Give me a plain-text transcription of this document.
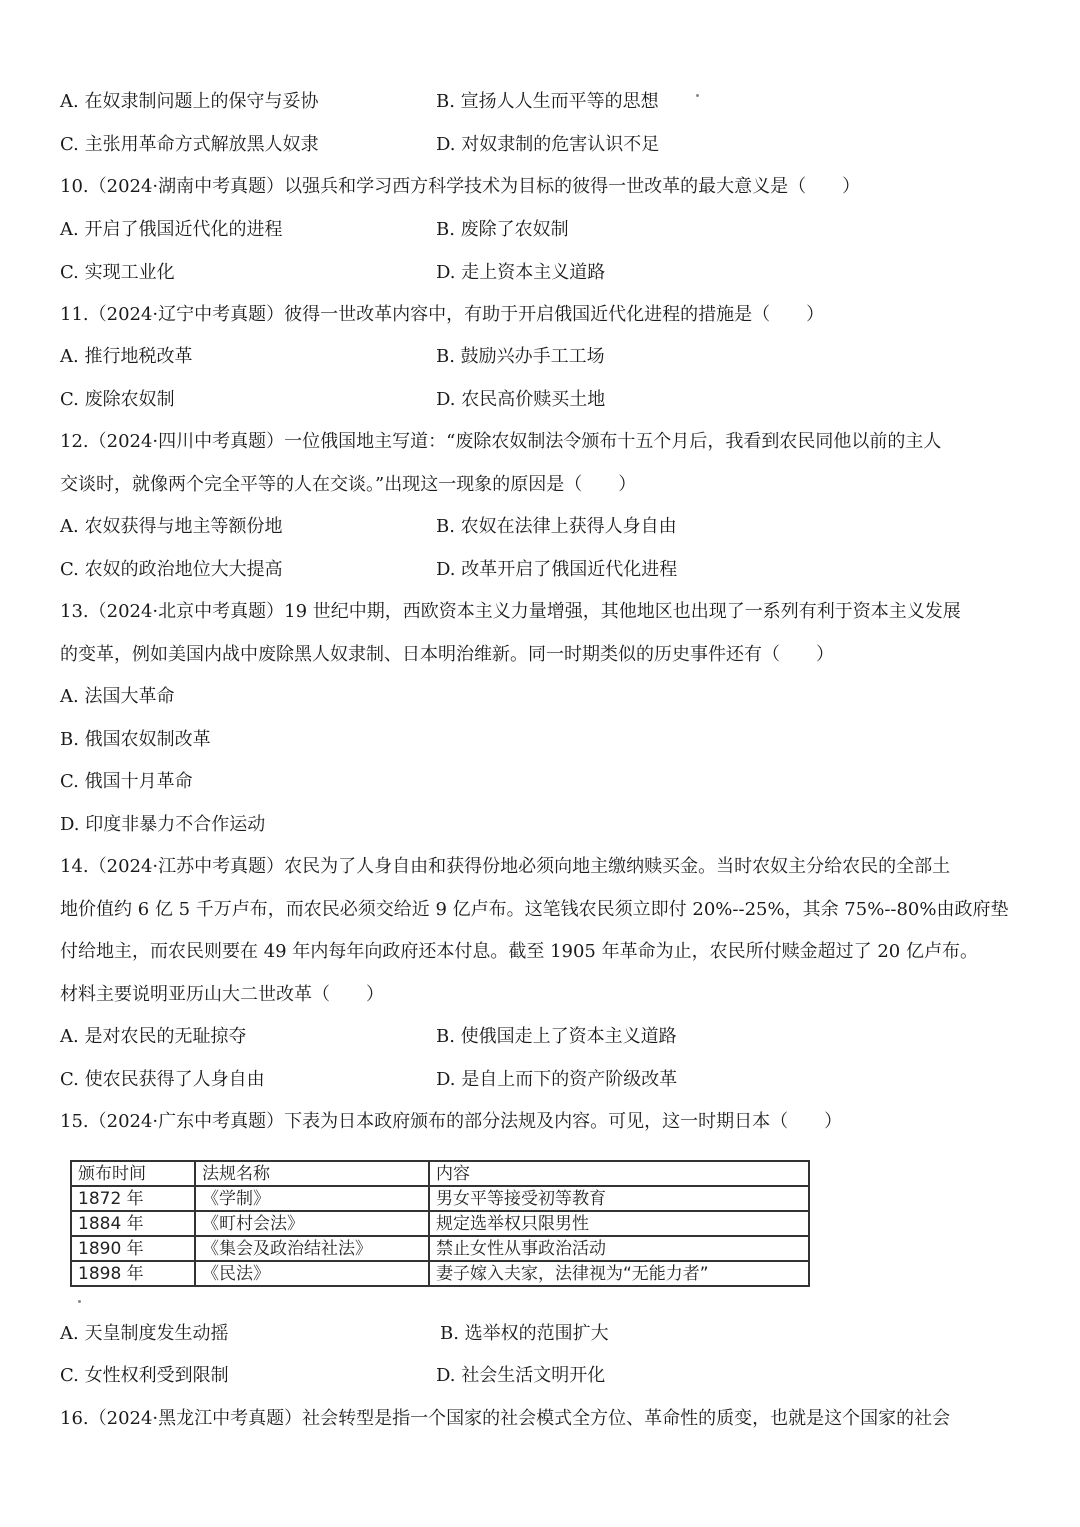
A. 在奴隶制问题上的保守与妥协	B. 宣扬人人生而平等的思想
C. 主张用革命方式解放黑人奴隶	D. 对奴隶制的危害认识不足
10.（2024·湖南中考真题）以强兵和学习西方科学技术为目标的彼得一世改革的最大意义是（　　）
A. 开启了俄国近代化的进程	B. 废除了农奴制
C. 实现工业化	D. 走上资本主义道路
11.（2024·辽宁中考真题）彼得一世改革内容中，有助于开启俄国近代化进程的措施是（　　）
A. 推行地税改革	B. 鼓励兴办手工工场
C. 废除农奴制	D. 农民高价赎买土地
12.（2024·四川中考真题）一位俄国地主写道：“废除农奴制法令颁布十五个月后，我看到农民同他以前的主人
交谈时，就像两个完全平等的人在交谈。”出现这一现象的原因是（　　）
A. 农奴获得与地主等额份地	B. 农奴在法律上获得人身自由
C. 农奴的政治地位大大提高	D. 改革开启了俄国近代化进程
13.（2024·北京中考真题）19 世纪中期，西欧资本主义力量增强，其他地区也出现了一系列有利于资本主义发展
的变革，例如美国内战中废除黑人奴隶制、日本明治维新。同一时期类似的历史事件还有（　　）
A. 法国大革命
B. 俄国农奴制改革
C. 俄国十月革命
D. 印度非暴力不合作运动
14.（2024·江苏中考真题）农民为了人身自由和获得份地必须向地主缴纳赎买金。当时农奴主分给农民的全部土
地价值约 6 亿 5 千万卢布，而农民必须交给近 9 亿卢布。这笔钱农民须立即付 20%--25%，其余 75%--80%由政府垫
付给地主，而农民则要在 49 年内每年向政府还本付息。截至 1905 年革命为止，农民所付赎金超过了 20 亿卢布。
材料主要说明亚历山大二世改革（　　）
A. 是对农民的无耻掠夺	B. 使俄国走上了资本主义道路
C. 使农民获得了人身自由	D. 是自上而下的资产阶级改革
15.（2024·广东中考真题）下表为日本政府颁布的部分法规及内容。可见，这一时期日本（　　）
颁布时间	法规名称	内容
1872 年	《学制》	男女平等接受初等教育
1884 年	《町村会法》	规定选举权只限男性
1890 年	《集会及政治结社法》	禁止女性从事政治活动
1898 年	《民法》	妻子嫁入夫家，法律视为“无能力者”
A. 天皇制度发生动摇	B. 选举权的范围扩大
C. 女性权利受到限制	D. 社会生活文明开化
16.（2024·黑龙江中考真题）社会转型是指一个国家的社会模式全方位、革命性的质变，也就是这个国家的社会
